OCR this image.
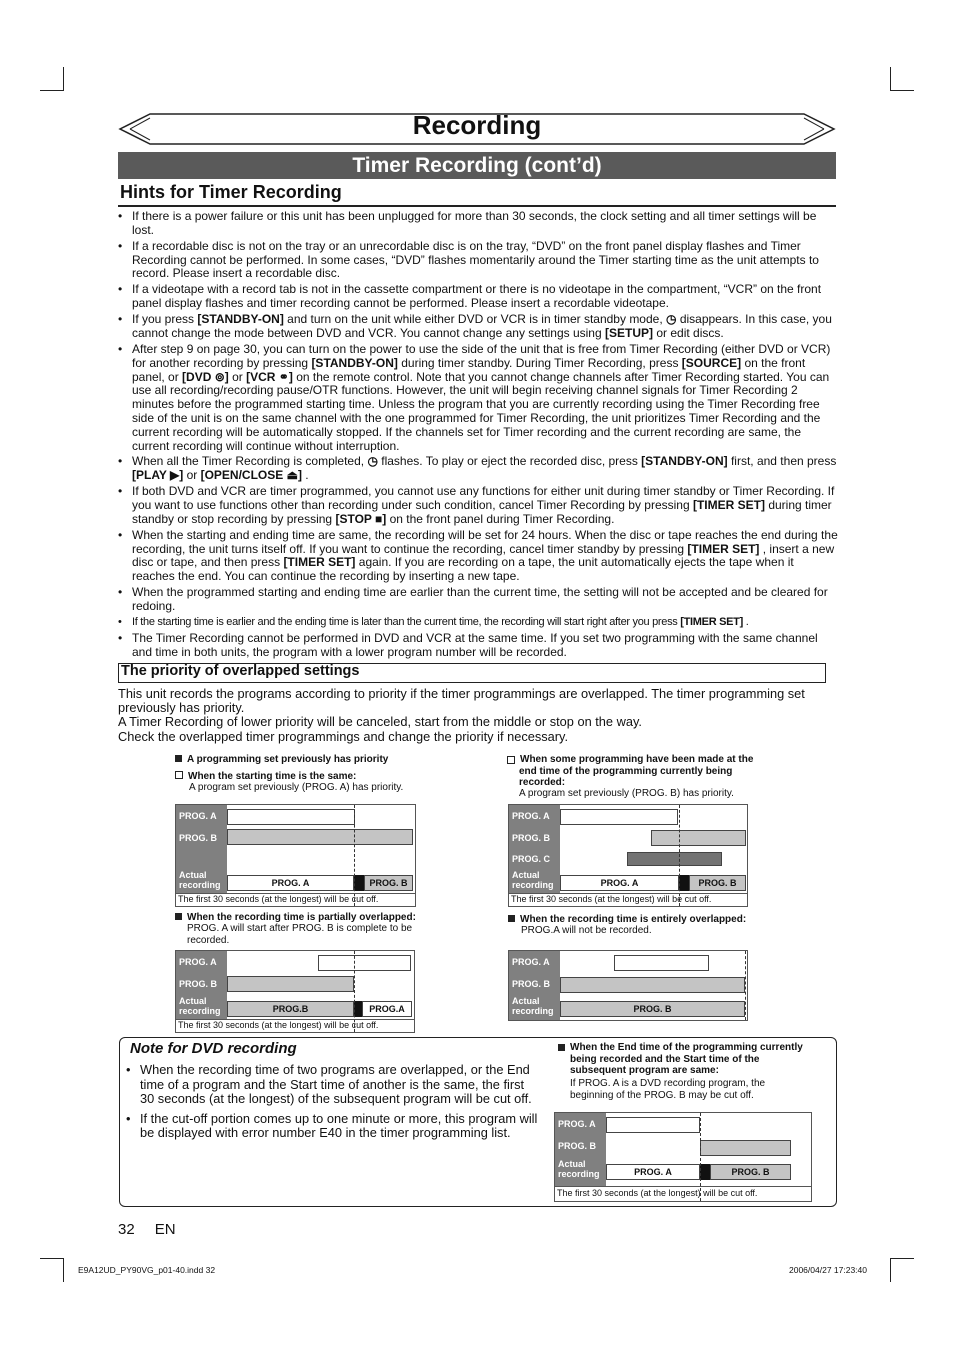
Recording
Timer Recording (cont’d)
Hints for Timer Recording
• If there is a power failure or this unit has been unplugged for more than 30 seconds, the clock setting and all timer settings will be lost.
• If a recordable disc is not on the tray or an unrecordable disc is on the tray, “DVD” on the front panel display flashes and Timer Recording cannot be performed. In some cases, “DVD” flashes momentarily around the Timer starting time as the unit attempts to record. Please insert a recordable disc.
• If a videotape with a record tab is not in the cassette compartment or there is no videotape in the compartment, “VCR” on the front panel display flashes and timer recording cannot be performed. Please insert a recordable videotape.
• If you press [STANDBY-ON] and turn on the unit while either DVD or VCR is in timer standby mode, ◷ disappears. In this case, you cannot change the mode between DVD and VCR. You cannot change any settings using [SETUP] or edit discs.
• After step 9 on page 30, you can turn on the power to use the side of the unit that is free from Timer Recording (either DVD or VCR) for another recording by pressing [STANDBY-ON] during timer standby. During Timer Recording, press [SOURCE] on the front panel, or [DVD ⊚] or [VCR ⚭] on the remote control. Note that you cannot change channels after Timer Recording started. You can use all recording/recording pause/OTR functions. However, the unit will begin receiving channel signals for Timer Recording 2 minutes before the programmed starting time. Unless the program that you are currently recording using the Timer Recording free side of the unit is on the same channel with the one programmed for Timer Recording, the unit prioritizes Timer Recording and the current recording will be automatically stopped. If the channels set for Timer recording and the current recording are same, the current recording will continue without interruption.
• When all the Timer Recording is completed, ◷ flashes. To play or eject the recorded disc, press [STANDBY-ON] first, and then press [PLAY ▶] or [OPEN/CLOSE ⏏] .
• If both DVD and VCR are timer programmed, you cannot use any functions for either unit during timer standby or Timer Recording. If you want to use functions other than recording under such condition, cancel Timer Recording by pressing [TIMER SET] during timer standby or stop recording by pressing [STOP ■] on the front panel during Timer Recording.
• When the starting and ending time are same, the recording will be set for 24 hours. When the disc or tape reaches the end during the recording, the unit turns itself off. If you want to continue the recording, cancel timer standby by pressing [TIMER SET] , insert a new disc or tape, and then press [TIMER SET] again. If you are recording on a tape, the unit automatically ejects the tape when it reaches the end. You can continue the recording by inserting a new tape.
• When the programmed starting and ending time are earlier than the current time, the setting will not be accepted and be cleared for redoing.
• If the starting time is earlier and the ending time is later than the current time, the recording will start right after you press [TIMER SET] .
• The Timer Recording cannot be performed in DVD and VCR at the same time. If you set two programming with the same channel and time in both units, the program with a lower program number will be recorded.
The priority of overlapped settings
This unit records the programs according to priority if the timer programmings are overlapped. The timer programming set previously has priority.
A Timer Recording of lower priority will be canceled, start from the middle or stop on the way.
Check the overlapped timer programmings and change the priority if necessary.
A programming set previously has priority
When the starting time is the same:
A program set previously (PROG. A) has priority.
PROG. A
PROG. B
Actual recording	PROG. A	PROG. B
The first 30 seconds (at the longest) will be cut off.
When the recording time is partially overlapped:
PROG. A will start after PROG. B is complete to be recorded.
PROG. A
PROG. B
Actual recording	PROG.B	PROG.A
The first 30 seconds (at the longest) will be cut off.
When some programming have been made at the end time of the programming currently being recorded:
A program set previously (PROG. B) has priority.
PROG. A
PROG. B
PROG. C
Actual recording	PROG. A	PROG. B
The first 30 seconds (at the longest) will be cut off.
When the recording time is entirely overlapped:
PROG.A will not be recorded.
PROG. A
PROG. B
Actual recording	PROG. B
Note for DVD recording
• When the recording time of two programs are overlapped, or the End time of a program and the Start time of another is the same, the first 30 seconds (at the longest) of the subsequent program will be cut off.
• If the cut-off portion comes up to one minute or more, this program will be displayed with error number E40 in the timer programming list.
When the End time of the programming currently being recorded and the Start time of the subsequent program are same:
If PROG. A is a DVD recording program, the beginning of the PROG. B may be cut off.
PROG. A
PROG. B
Actual recording	PROG. A	PROG. B
The first 30 seconds (at the longest) will be cut off.
32 EN
E9A12UD_PY90VG_p01-40.indd 32	2006/04/27 17:23:40
